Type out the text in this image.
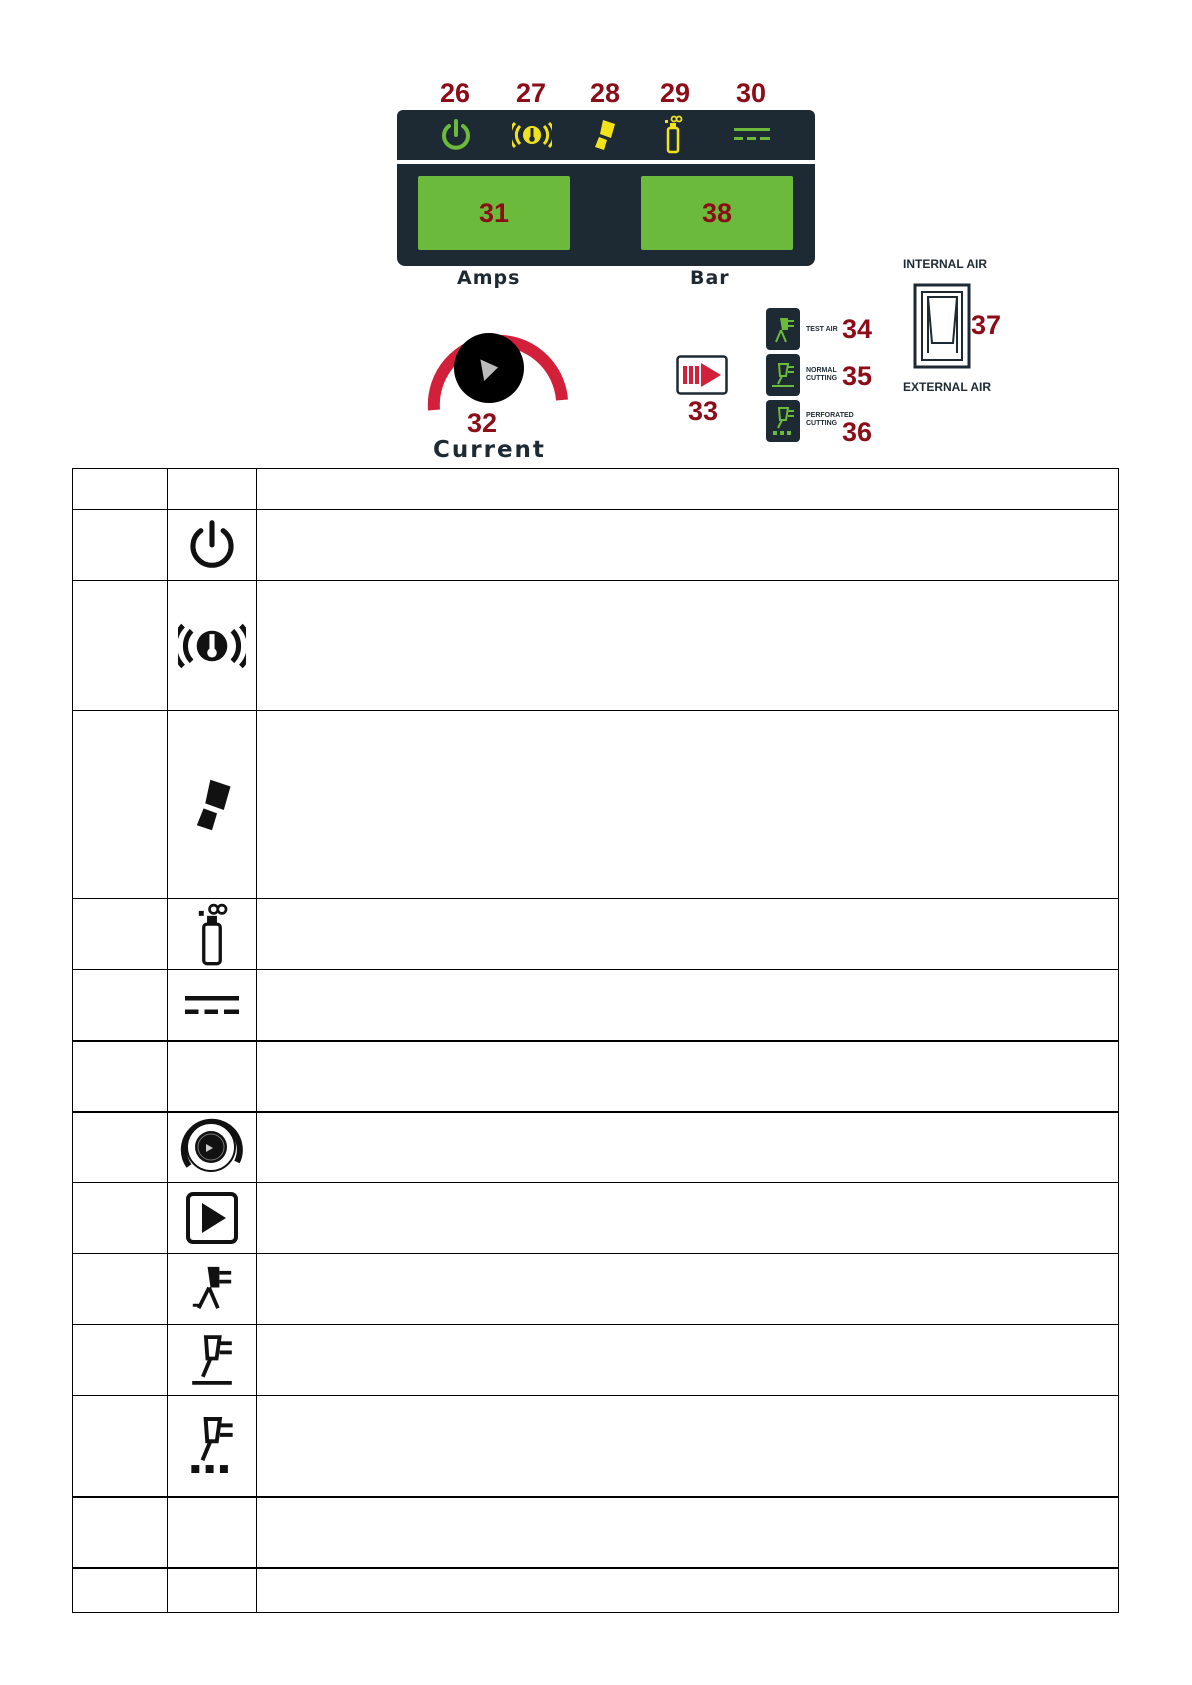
26 27 28 29 30
31	38
Amps	Bar
32
Current
33
TEST AIR
NORMAL CUTTING
PERFORATED CUTTING
34
35
36
INTERNAL AIR
37
EXTERNAL AIR
